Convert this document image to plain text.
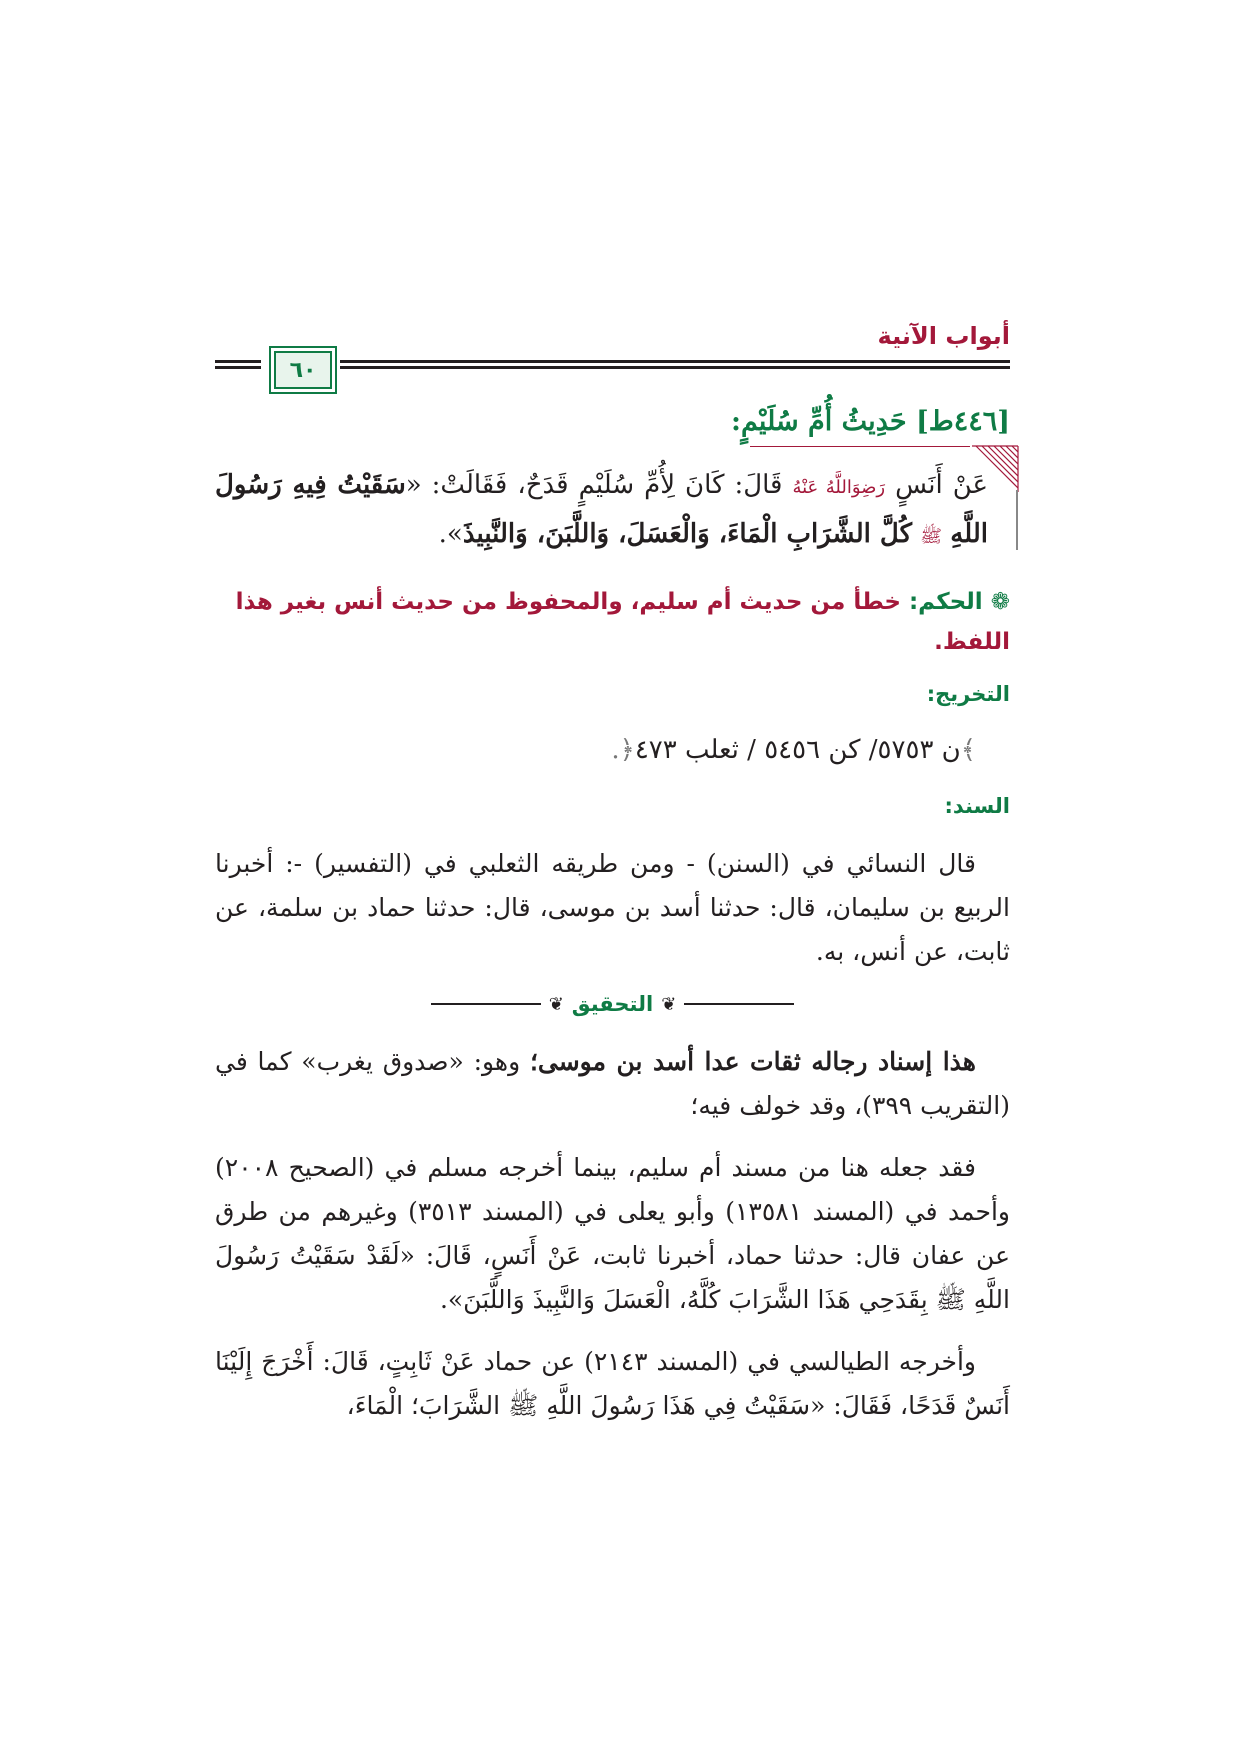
أبواب الآنية
٦٠
[٤٤٦ط] حَدِيثُ أُمِّ سُلَيْمٍ:
عَنْ أَنَسٍ رَضِوَاللَّهُ عَنْهُ قَالَ: كَانَ لِأُمِّ سُلَيْمٍ قَدَحٌ، فَقَالَتْ: «سَقَيْتُ فِيهِ رَسُولَ اللَّهِ ﷺ كُلَّ الشَّرَابِ الْمَاءَ، وَالْعَسَلَ، وَاللَّبَنَ، وَالنَّبِيذَ».
❁ الحكم: خطأ من حديث أم سليم، والمحفوظ من حديث أنس بغير هذا اللفظ.
التخريج:
﴾ن ٥٧٥٣/ كن ٥٤٥٦ / ثعلب ٤٧٣﴿.
السند:
قال النسائي في (السنن) - ومن طريقه الثعلبي في (التفسير) -: أخبرنا الربيع بن سليمان، قال: حدثنا أسد بن موسى، قال: حدثنا حماد بن سلمة، عن ثابت، عن أنس، به.
❦
التحقيق
❦
هذا إسناد رجاله ثقات عدا أسد بن موسى؛ وهو: «صدوق يغرب» كما في (التقريب ٣٩٩)، وقد خولف فيه؛
فقد جعله هنا من مسند أم سليم، بينما أخرجه مسلم في (الصحيح ٢٠٠٨) وأحمد في (المسند ١٣٥٨١) وأبو يعلى في (المسند ٣٥١٣) وغيرهم من طرق عن عفان قال: حدثنا حماد، أخبرنا ثابت، عَنْ أَنَسٍ، قَالَ: «لَقَدْ سَقَيْتُ رَسُولَ اللَّهِ ﷺ بِقَدَحِي هَذَا الشَّرَابَ كُلَّهُ، الْعَسَلَ وَالنَّبِيذَ وَاللَّبَنَ».
وأخرجه الطيالسي في (المسند ٢١٤٣) عن حماد عَنْ ثَابِتٍ، قَالَ: أَخْرَجَ إِلَيْنَا أَنَسٌ قَدَحًا، فَقَالَ: «سَقَيْتُ فِي هَذَا رَسُولَ اللَّهِ ﷺ الشَّرَابَ؛ الْمَاءَ،
